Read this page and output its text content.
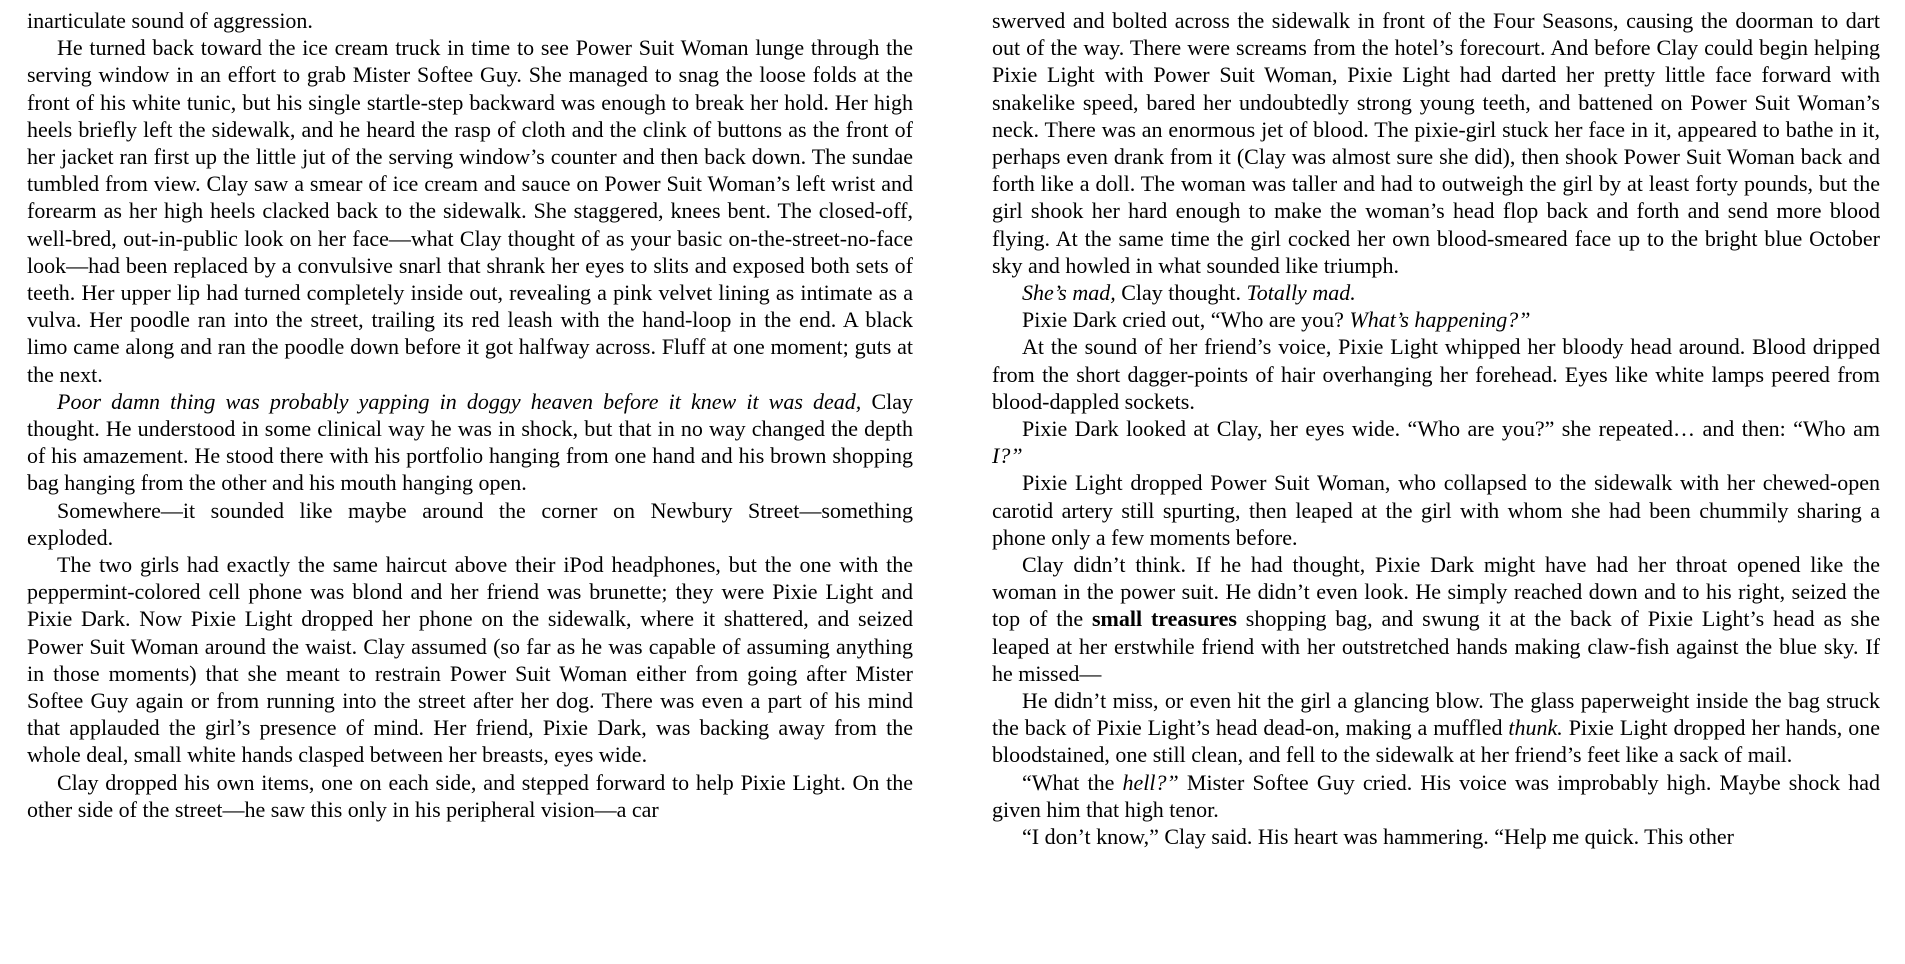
inarticulate sound of aggression.

He turned back toward the ice cream truck in time to see Power Suit Woman lunge through the serving window in an effort to grab Mister Softee Guy. She managed to snag the loose folds at the front of his white tunic, but his single startle-step backward was enough to break her hold. Her high heels briefly left the sidewalk, and he heard the rasp of cloth and the clink of buttons as the front of her jacket ran first up the little jut of the serving window’s counter and then back down. The sundae tumbled from view. Clay saw a smear of ice cream and sauce on Power Suit Woman’s left wrist and forearm as her high heels clacked back to the sidewalk. She staggered, knees bent. The closed-off, well-bred, out-in-public look on her face—what Clay thought of as your basic on-the-street-no-face look—had been replaced by a convulsive snarl that shrank her eyes to slits and exposed both sets of teeth. Her upper lip had turned completely inside out, revealing a pink velvet lining as intimate as a vulva. Her poodle ran into the street, trailing its red leash with the hand-loop in the end. A black limo came along and ran the poodle down before it got halfway across. Fluff at one moment; guts at the next.

Poor damn thing was probably yapping in doggy heaven before it knew it was dead, Clay thought. He understood in some clinical way he was in shock, but that in no way changed the depth of his amazement. He stood there with his portfolio hanging from one hand and his brown shopping bag hanging from the other and his mouth hanging open.

Somewhere—it sounded like maybe around the corner on Newbury Street—something exploded.

The two girls had exactly the same haircut above their iPod headphones, but the one with the peppermint-colored cell phone was blond and her friend was brunette; they were Pixie Light and Pixie Dark. Now Pixie Light dropped her phone on the sidewalk, where it shattered, and seized Power Suit Woman around the waist. Clay assumed (so far as he was capable of assuming anything in those moments) that she meant to restrain Power Suit Woman either from going after Mister Softee Guy again or from running into the street after her dog. There was even a part of his mind that applauded the girl’s presence of mind. Her friend, Pixie Dark, was backing away from the whole deal, small white hands clasped between her breasts, eyes wide.

Clay dropped his own items, one on each side, and stepped forward to help Pixie Light. On the other side of the street—he saw this only in his peripheral vision—a car

swerved and bolted across the sidewalk in front of the Four Seasons, causing the doorman to dart out of the way. There were screams from the hotel’s forecourt. And before Clay could begin helping Pixie Light with Power Suit Woman, Pixie Light had darted her pretty little face forward with snakelike speed, bared her undoubtedly strong young teeth, and battened on Power Suit Woman’s neck. There was an enormous jet of blood. The pixie-girl stuck her face in it, appeared to bathe in it, perhaps even drank from it (Clay was almost sure she did), then shook Power Suit Woman back and forth like a doll. The woman was taller and had to outweigh the girl by at least forty pounds, but the girl shook her hard enough to make the woman’s head flop back and forth and send more blood flying. At the same time the girl cocked her own blood-smeared face up to the bright blue October sky and howled in what sounded like triumph.

She’s mad, Clay thought. Totally mad.

Pixie Dark cried out, “Who are you? What’s happening?”

At the sound of her friend’s voice, Pixie Light whipped her bloody head around. Blood dripped from the short dagger-points of hair overhanging her forehead. Eyes like white lamps peered from blood-dappled sockets.

Pixie Dark looked at Clay, her eyes wide. “Who are you?” she repeated… and then: “Who am I?”

Pixie Light dropped Power Suit Woman, who collapsed to the sidewalk with her chewed-open carotid artery still spurting, then leaped at the girl with whom she had been chummily sharing a phone only a few moments before.

Clay didn’t think. If he had thought, Pixie Dark might have had her throat opened like the woman in the power suit. He didn’t even look. He simply reached down and to his right, seized the top of the small treasures shopping bag, and swung it at the back of Pixie Light’s head as she leaped at her erstwhile friend with her outstretched hands making claw-fish against the blue sky. If he missed—

He didn’t miss, or even hit the girl a glancing blow. The glass paperweight inside the bag struck the back of Pixie Light’s head dead-on, making a muffled thunk. Pixie Light dropped her hands, one bloodstained, one still clean, and fell to the sidewalk at her friend’s feet like a sack of mail.

“What the hell?” Mister Softee Guy cried. His voice was improbably high. Maybe shock had given him that high tenor.

“I don’t know,” Clay said. His heart was hammering. “Help me quick. This other
